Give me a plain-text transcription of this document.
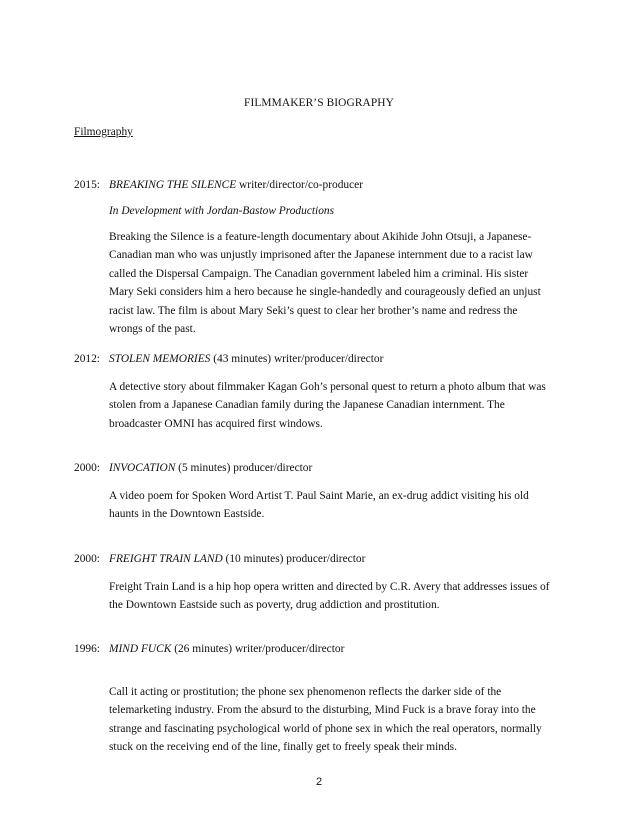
FILMMAKER’S BIOGRAPHY
Filmography
2015: BREAKING THE SILENCE writer/director/co-producer
In Development with Jordan-Bastow Productions
Breaking the Silence is a feature-length documentary about Akihide John Otsuji, a Japanese-
Canadian man who was unjustly imprisoned after the Japanese internment due to a racist law
called the Dispersal Campaign. The Canadian government labeled him a criminal. His sister
Mary Seki considers him a hero because he single-handedly and courageously defied an unjust
racist law. The film is about Mary Seki’s quest to clear her brother’s name and redress the
wrongs of the past.
2012: STOLEN MEMORIES (43 minutes) writer/producer/director
A detective story about filmmaker Kagan Goh’s personal quest to return a photo album that was
stolen from a Japanese Canadian family during the Japanese Canadian internment. The
broadcaster OMNI has acquired first windows.
2000: INVOCATION (5 minutes) producer/director
A video poem for Spoken Word Artist T. Paul Saint Marie, an ex-drug addict visiting his old
haunts in the Downtown Eastside.
2000: FREIGHT TRAIN LAND (10 minutes) producer/director
Freight Train Land is a hip hop opera written and directed by C.R. Avery that addresses issues of
the Downtown Eastside such as poverty, drug addiction and prostitution.
1996: MIND FUCK (26 minutes) writer/producer/director
Call it acting or prostitution; the phone sex phenomenon reflects the darker side of the
telemarketing industry. From the absurd to the disturbing, Mind Fuck is a brave foray into the
strange and fascinating psychological world of phone sex in which the real operators, normally
stuck on the receiving end of the line, finally get to freely speak their minds.
2
